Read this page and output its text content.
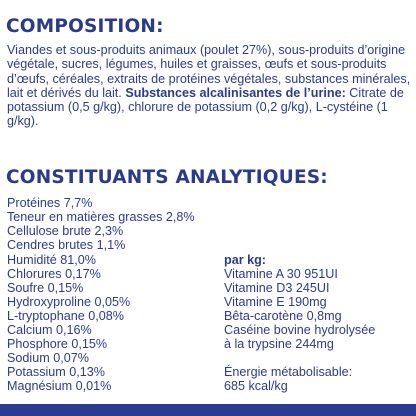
COMPOSITION:

Viandes et sous-produits animaux (poulet 27%), sous-produits d’origine végétale, sucres, légumes, huiles et graisses, œufs et sous-produits d’œufs, céréales, extraits de protéines végétales, substances minérales, lait et dérivés du lait. Substances alcalinisantes de l’urine: Citrate de potassium (0,5 g/kg), chlorure de potassium (0,2 g/kg), L-cystéine (1 g/kg).

CONSTITUANTS ANALYTIQUES:
Protéines 7,7%
Teneur en matières grasses 2,8%
Cellulose brute 2,3%
Cendres brutes 1,1%
Humidité 81,0%
Chlorures 0,17%
Soufre 0,15%
Hydroxyproline 0,05%
L-tryptophane 0,08%
Calcium 0,16%
Phosphore 0,15%
Sodium 0,07%
Potassium 0,13%
Magnésium 0,01%
par kg:
Vitamine A 30 951UI
Vitamine D3 245UI
Vitamine E 190mg
Bêta-carotène 0,8mg
Caséine bovine hydrolysée
à la trypsine 244mg
Énergie métabolisable:
685 kcal/kg
